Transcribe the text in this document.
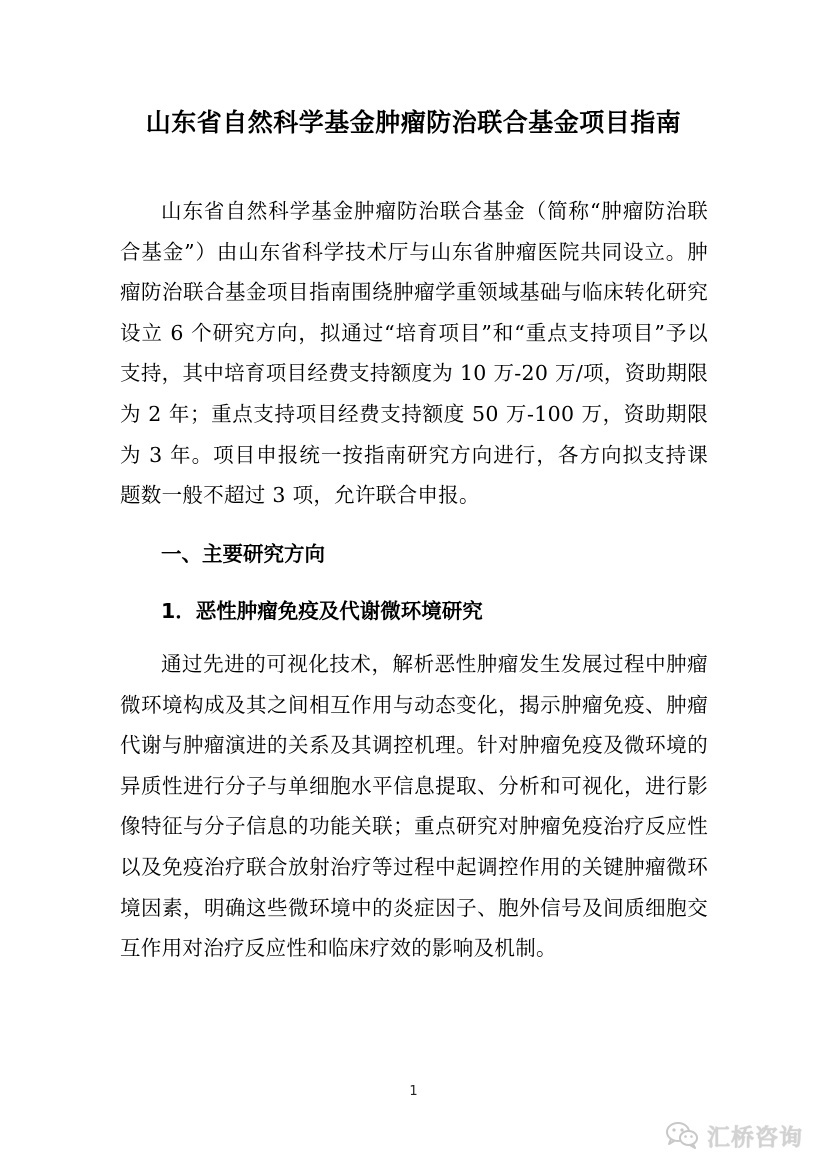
山东省自然科学基金肿瘤防治联合基金项目指南

山东省自然科学基金肿瘤防治联合基金（简称“肿瘤防治联合基金”）由山东省科学技术厅与山东省肿瘤医院共同设立。肿瘤防治联合基金项目指南围绕肿瘤学重领域基础与临床转化研究设立 6 个研究方向，拟通过“培育项目”和“重点支持项目”予以支持，其中培育项目经费支持额度为 10 万-20 万/项，资助期限为 2 年；重点支持项目经费支持额度 50 万-100 万，资助期限为 3 年。项目申报统一按指南研究方向进行，各方向拟支持课题数一般不超过 3 项，允许联合申报。

一、主要研究方向
1．恶性肿瘤免疫及代谢微环境研究

通过先进的可视化技术，解析恶性肿瘤发生发展过程中肿瘤微环境构成及其之间相互作用与动态变化，揭示肿瘤免疫、肿瘤代谢与肿瘤演进的关系及其调控机理。针对肿瘤免疫及微环境的异质性进行分子与单细胞水平信息提取、分析和可视化，进行影像特征与分子信息的功能关联；重点研究对肿瘤免疫治疗反应性以及免疫治疗联合放射治疗等过程中起调控作用的关键肿瘤微环境因素，明确这些微环境中的炎症因子、胞外信号及间质细胞交互作用对治疗反应性和临床疗效的影响及机制。

1
汇桥咨询
